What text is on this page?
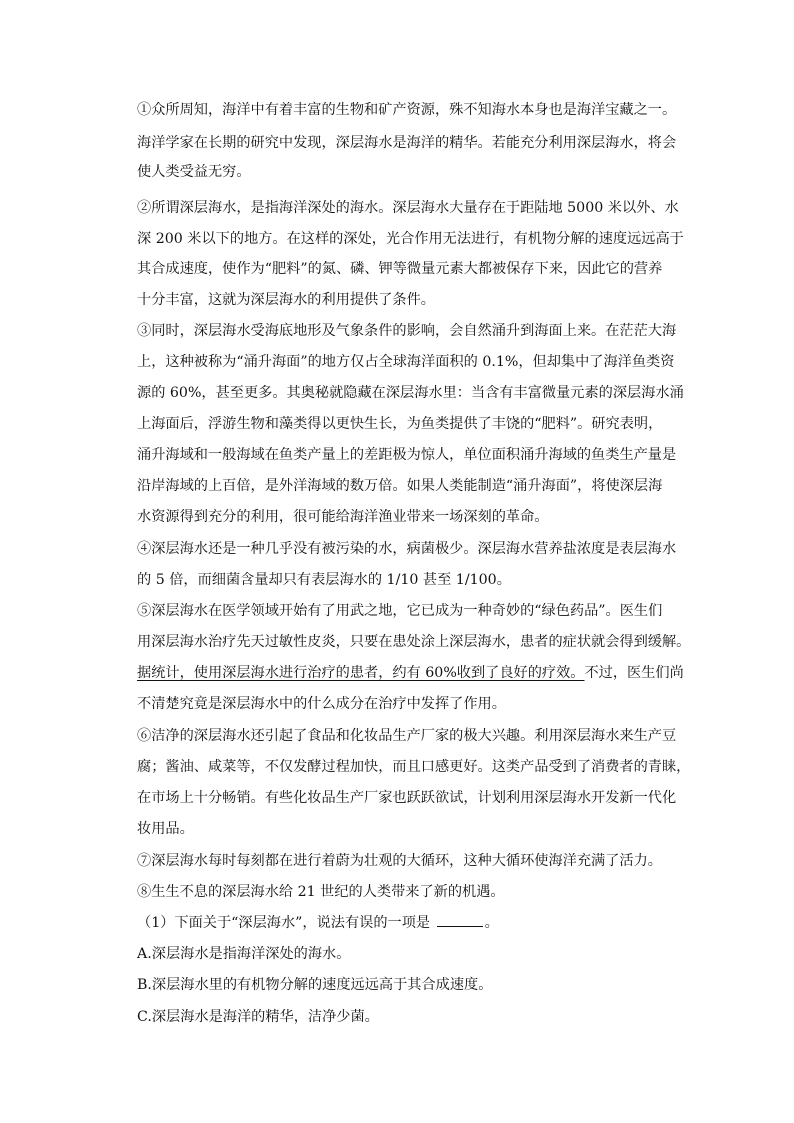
①众所周知，海洋中有着丰富的生物和矿产资源，殊不知海水本身也是海洋宝藏之一。
海洋学家在长期的研究中发现，深层海水是海洋的精华。若能充分利用深层海水，将会
使人类受益无穷。
②所谓深层海水，是指海洋深处的海水。深层海水大量存在于距陆地 5000 米以外、水
深 200 米以下的地方。在这样的深处，光合作用无法进行，有机物分解的速度远远高于
其合成速度，使作为“肥料”的氮、磷、钾等微量元素大都被保存下来，因此它的营养
十分丰富，这就为深层海水的利用提供了条件。
③同时，深层海水受海底地形及气象条件的影响，会自然涌升到海面上来。在茫茫大海
上，这种被称为“涌升海面”的地方仅占全球海洋面积的 0.1%，但却集中了海洋鱼类资
源的 60%，甚至更多。其奥秘就隐藏在深层海水里：当含有丰富微量元素的深层海水涌
上海面后，浮游生物和藻类得以更快生长，为鱼类提供了丰饶的“肥料”。研究表明，
涌升海域和一般海域在鱼类产量上的差距极为惊人，单位面积涌升海域的鱼类生产量是
沿岸海域的上百倍，是外洋海域的数万倍。如果人类能制造“涌升海面”，将使深层海
水资源得到充分的利用，很可能给海洋渔业带来一场深刻的革命。
④深层海水还是一种几乎没有被污染的水，病菌极少。深层海水营养盐浓度是表层海水
的 5 倍，而细菌含量却只有表层海水的 1/10 甚至 1/100。
⑤深层海水在医学领域开始有了用武之地，它已成为一种奇妙的“绿色药品”。医生们
用深层海水治疗先天过敏性皮炎，只要在患处涂上深层海水，患者的症状就会得到缓解。
据统计，使用深层海水进行治疗的患者，约有 60%收到了良好的疗效。不过，医生们尚
不清楚究竟是深层海水中的什么成分在治疗中发挥了作用。
⑥洁净的深层海水还引起了食品和化妆品生产厂家的极大兴趣。利用深层海水来生产豆
腐；酱油、咸菜等，不仅发酵过程加快，而且口感更好。这类产品受到了消费者的青睐，
在市场上十分畅销。有些化妆品生产厂家也跃跃欲试，计划利用深层海水开发新一代化
妆用品。
⑦深层海水每时每刻都在进行着蔚为壮观的大循环，这种大循环使海洋充满了活力。
⑧生生不息的深层海水给 21 世纪的人类带来了新的机遇。
（1）下面关于“深层海水”，说法有误的一项是	。
A.深层海水是指海洋深处的海水。
B.深层海水里的有机物分解的速度远远高于其合成速度。
C.深层海水是海洋的精华，洁净少菌。
